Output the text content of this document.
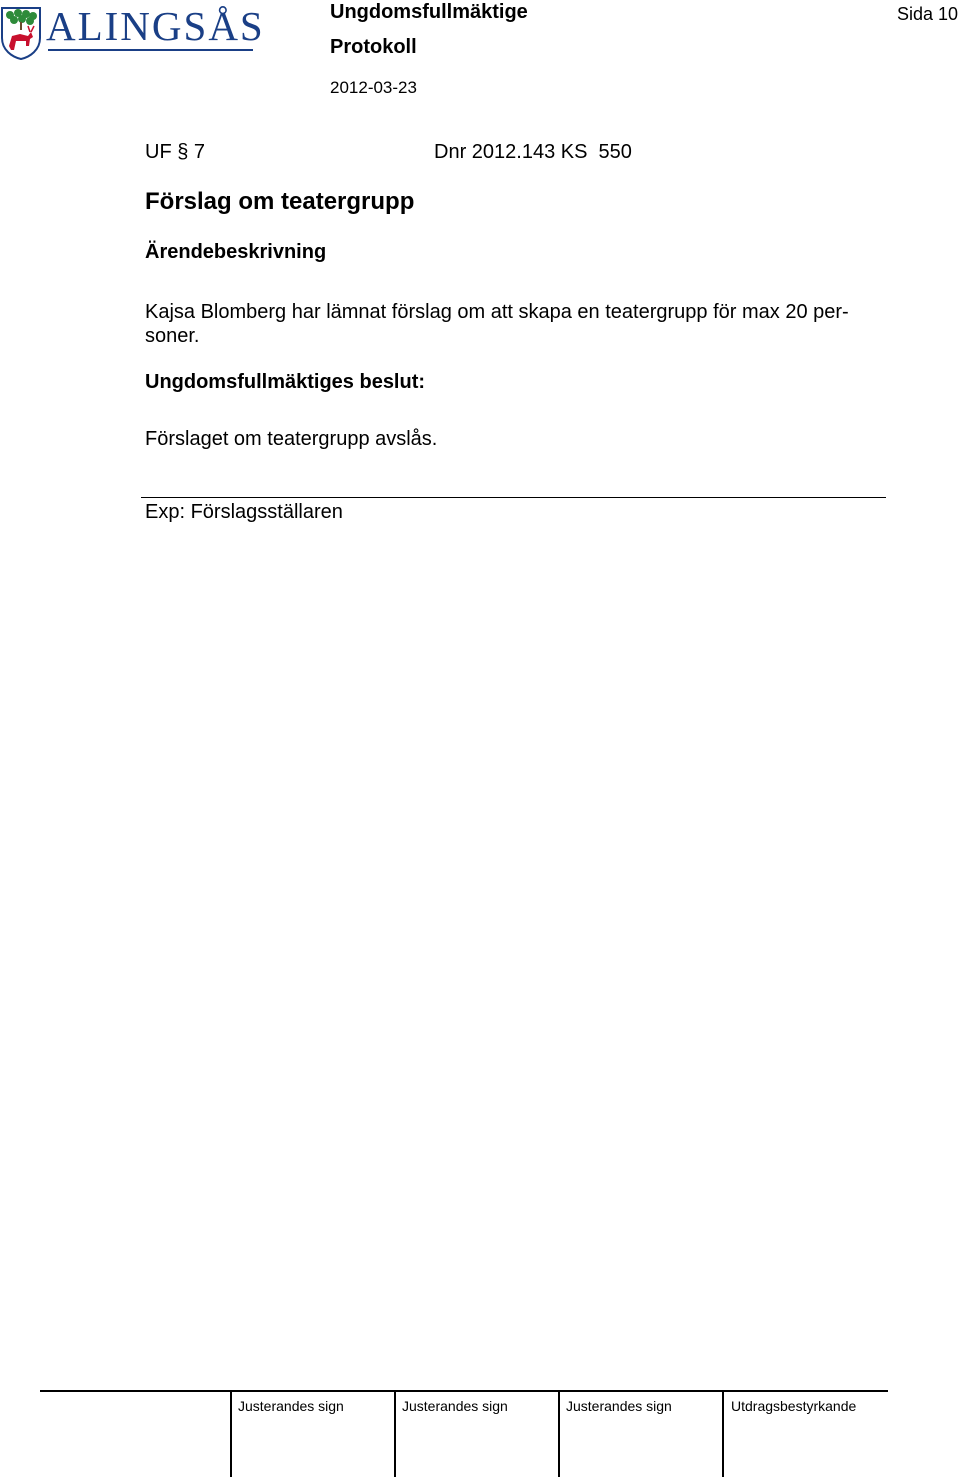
ALINGSÅS	Ungdomsfullmäktige
Protokoll
2012-03-23
Sida 10
UF § 7	Dnr 2012.143 KS  550
Förslag om teatergrupp
Ärendebeskrivning
Kajsa Blomberg har lämnat förslag om att skapa en teatergrupp för max 20 per-
soner.
Ungdomsfullmäktiges beslut:
Förslaget om teatergrupp avslås.
Exp: Förslagsställaren
Justerandes sign	Justerandes sign	Justerandes sign	Utdragsbestyrkande
